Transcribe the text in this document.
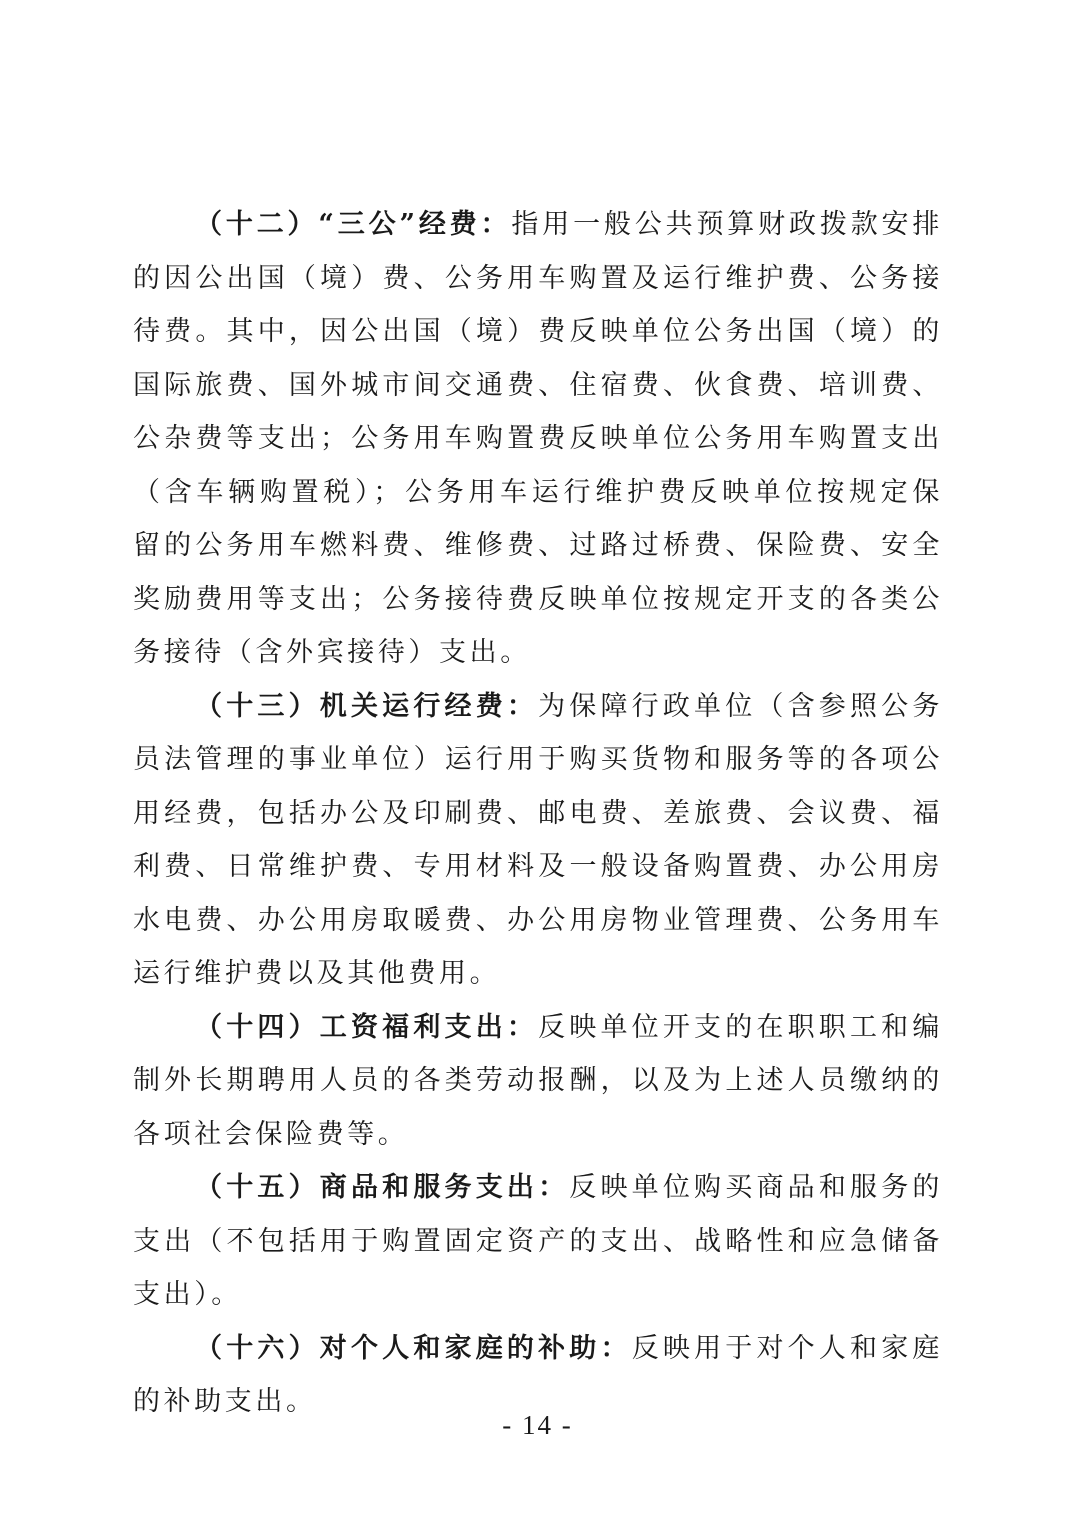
（十二）“三公”经费：指用一般公共预算财政拨款安排的因公出国（境）费、公务用车购置及运行维护费、公务接待费。其中，因公出国（境）费反映单位公务出国（境）的国际旅费、国外城市间交通费、住宿费、伙食费、培训费、公杂费等支出；公务用车购置费反映单位公务用车购置支出（含车辆购置税）；公务用车运行维护费反映单位按规定保留的公务用车燃料费、维修费、过路过桥费、保险费、安全奖励费用等支出；公务接待费反映单位按规定开支的各类公务接待（含外宾接待）支出。

（十三）机关运行经费：为保障行政单位（含参照公务员法管理的事业单位）运行用于购买货物和服务等的各项公用经费，包括办公及印刷费、邮电费、差旅费、会议费、福利费、日常维护费、专用材料及一般设备购置费、办公用房水电费、办公用房取暖费、办公用房物业管理费、公务用车运行维护费以及其他费用。

（十四）工资福利支出：反映单位开支的在职职工和编制外长期聘用人员的各类劳动报酬，以及为上述人员缴纳的各项社会保险费等。

（十五）商品和服务支出：反映单位购买商品和服务的支出（不包括用于购置固定资产的支出、战略性和应急储备支出）。

（十六）对个人和家庭的补助：反映用于对个人和家庭的补助支出。

- 14 -
